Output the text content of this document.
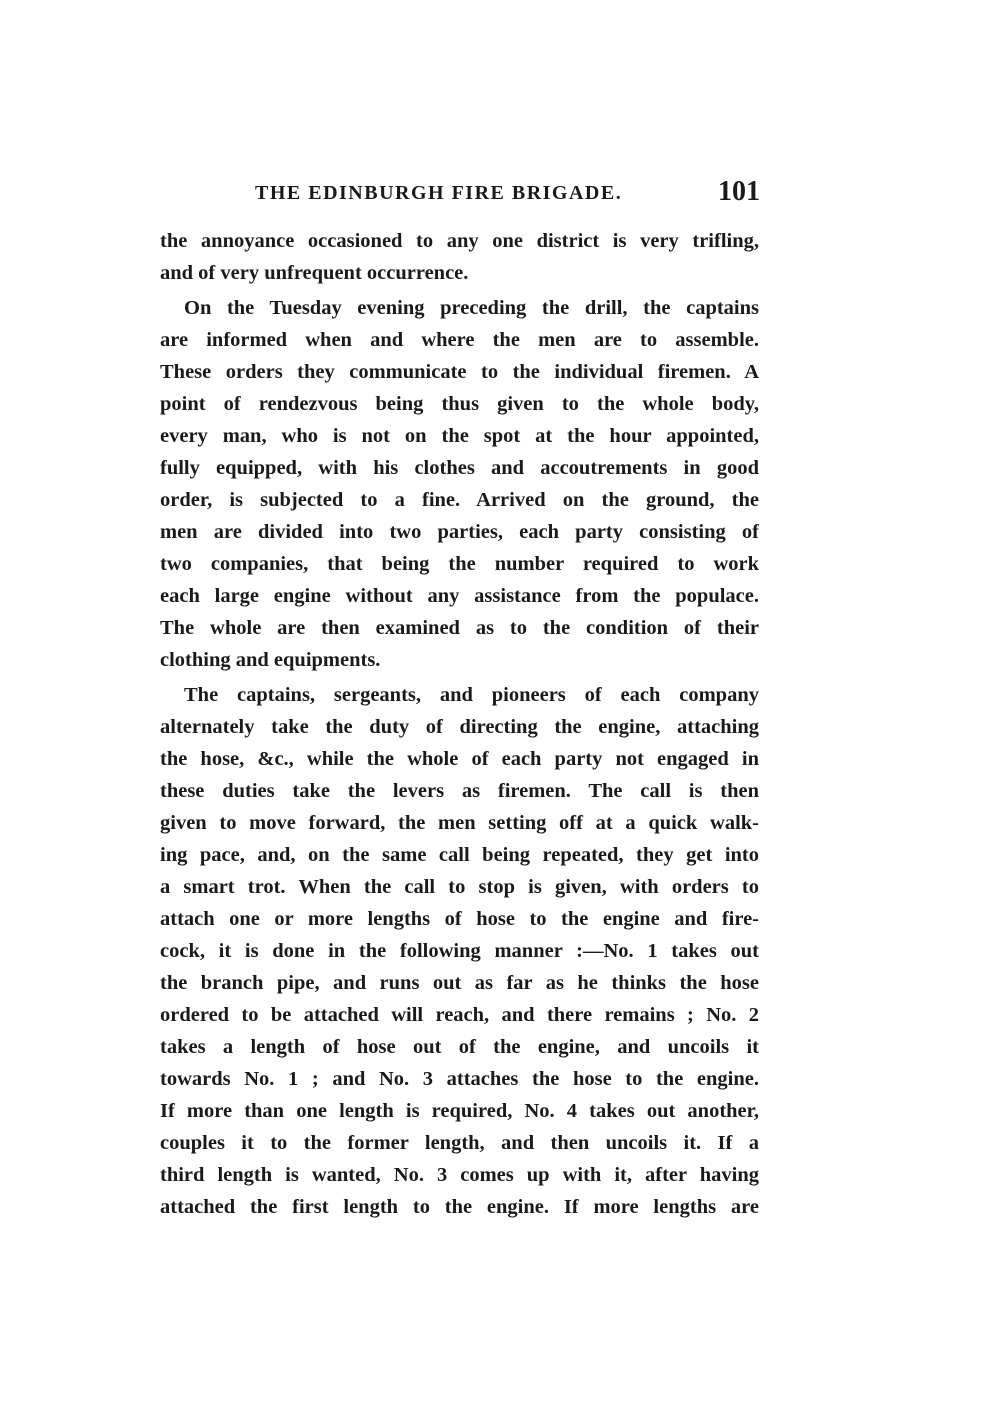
THE EDINBURGH FIRE BRIGADE.	101
the annoyance occasioned to any one district is very trifling,
and of very unfrequent occurrence.
On the Tuesday evening preceding the drill, the captains
are informed when and where the men are to assemble.
These orders they communicate to the individual firemen. A
point of rendezvous being thus given to the whole body,
every man, who is not on the spot at the hour appointed,
fully equipped, with his clothes and accoutrements in good
order, is subjected to a fine. Arrived on the ground, the
men are divided into two parties, each party consisting of
two companies, that being the number required to work
each large engine without any assistance from the populace.
The whole are then examined as to the condition of their
clothing and equipments.
The captains, sergeants, and pioneers of each company
alternately take the duty of directing the engine, attaching
the hose, &c., while the whole of each party not engaged in
these duties take the levers as firemen. The call is then
given to move forward, the men setting off at a quick walk-
ing pace, and, on the same call being repeated, they get into
a smart trot. When the call to stop is given, with orders to
attach one or more lengths of hose to the engine and fire-
cock, it is done in the following manner :—No. 1 takes out
the branch pipe, and runs out as far as he thinks the hose
ordered to be attached will reach, and there remains ; No. 2
takes a length of hose out of the engine, and uncoils it
towards No. 1 ; and No. 3 attaches the hose to the engine.
If more than one length is required, No. 4 takes out another,
couples it to the former length, and then uncoils it. If a
third length is wanted, No. 3 comes up with it, after having
attached the first length to the engine. If more lengths are
